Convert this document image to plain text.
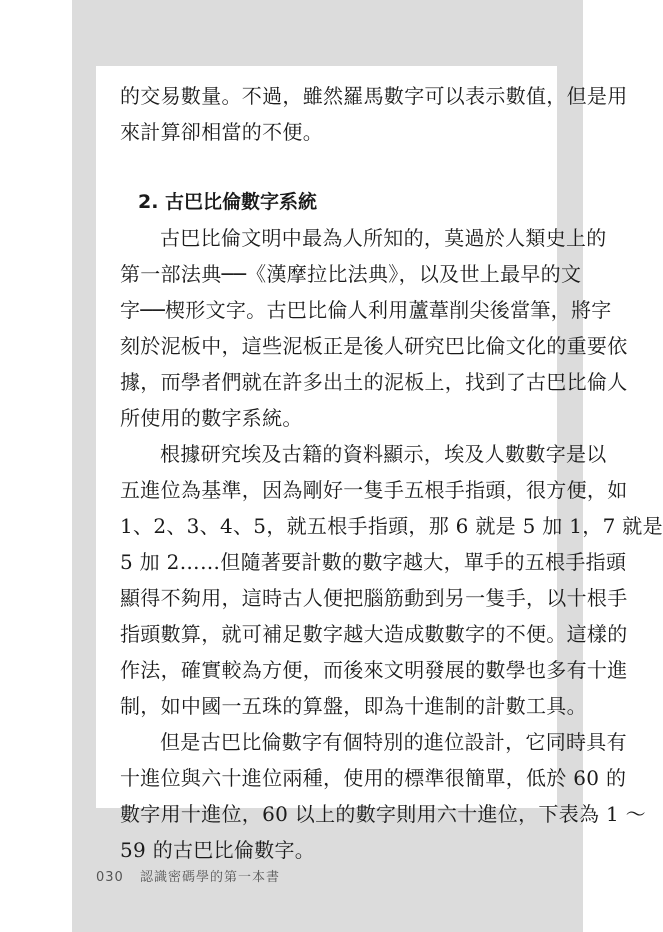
的交易數量。不過，雖然羅馬數字可以表示數值，但是用
來計算卻相當的不便。
2. 古巴比倫數字系統
古巴比倫文明中最為人所知的，莫過於人類史上的
第一部法典──《漢摩拉比法典》，以及世上最早的文
字──楔形文字。古巴比倫人利用蘆葦削尖後當筆，將字
刻於泥板中，這些泥板正是後人研究巴比倫文化的重要依
據，而學者們就在許多出土的泥板上，找到了古巴比倫人
所使用的數字系統。
根據研究埃及古籍的資料顯示，埃及人數數字是以
五進位為基準，因為剛好一隻手五根手指頭，很方便，如
1、2、3、4、5，就五根手指頭，那 6 就是 5 加 1，7 就是
5 加 2……但隨著要計數的數字越大，單手的五根手指頭
顯得不夠用，這時古人便把腦筋動到另一隻手，以十根手
指頭數算，就可補足數字越大造成數數字的不便。這樣的
作法，確實較為方便，而後來文明發展的數學也多有十進
制，如中國一五珠的算盤，即為十進制的計數工具。
但是古巴比倫數字有個特別的進位設計，它同時具有
十進位與六十進位兩種，使用的標準很簡單，低於 60 的
數字用十進位，60 以上的數字則用六十進位，下表為 1 ～
59 的古巴比倫數字。
030 認識密碼學的第一本書
